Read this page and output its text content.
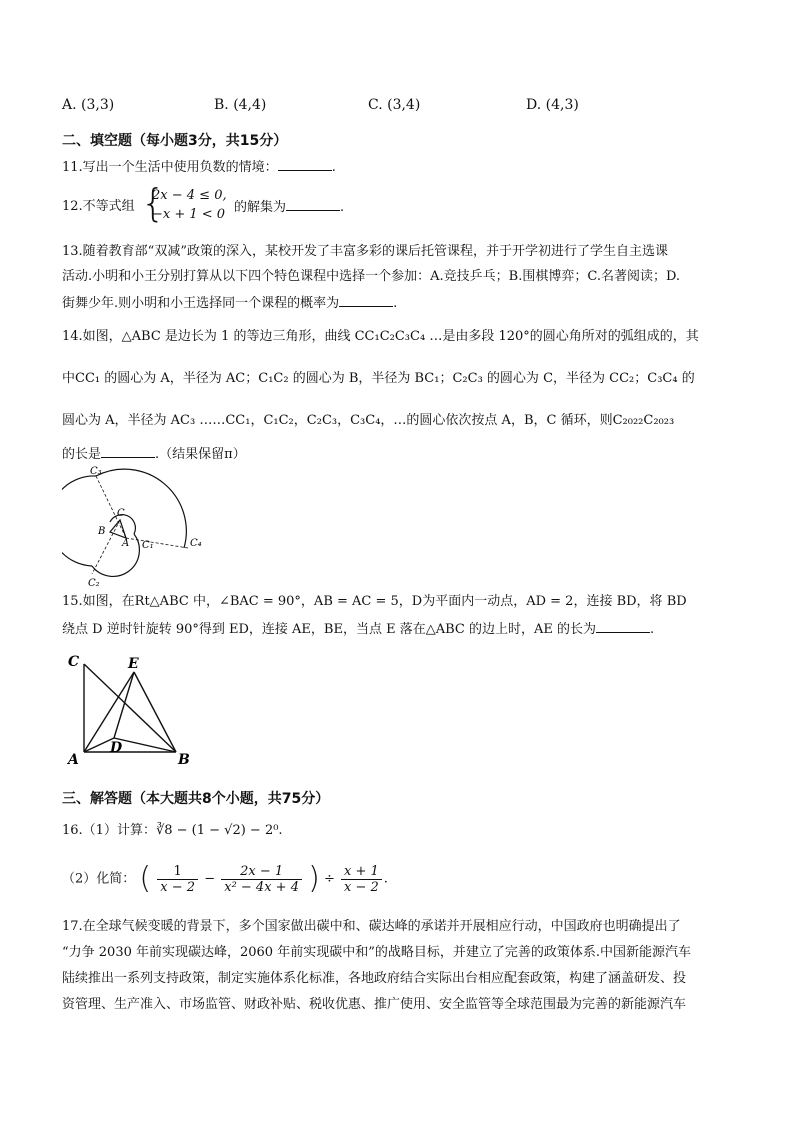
A. (3,3)	B. (4,4)	C. (3,4)	D. (4,3)
二、填空题（每小题3分，共15分）
11.写出一个生活中使用负数的情境：	.
12.不等式组 {
2x − 4 ≤ 0,
−x + 1 < 0 的解集为	.
13.随着教育部“双减”政策的深入，某校开发了丰富多彩的课后托管课程，并于开学初进行了学生自主选课
活动.小明和小王分别打算从以下四个特色课程中选择一个参加：A.竞技乒乓；B.围棋博弈；C.名著阅读；D.
街舞少年.则小明和小王选择同一个课程的概率为	.
14.如图，△ABC 是边长为 1 的等边三角形，曲线 CC₁C₂C₃C₄ …是由多段 120°的圆心角所对的弧组成的，其
中CC₁ 的圆心为 A，半径为 AC；C₁C₂ 的圆心为 B，半径为 BC₁；C₂C₃ 的圆心为 C，半径为 CC₂；C₃C₄ 的
圆心为 A，半径为 AC₃ ……CC₁，C₁C₂，C₂C₃，C₃C₄，…的圆心依次按点 A，B，C 循环，则C₂₀₂₂C₂₀₂₃
的长是	.（结果保留π）
C₃
C
B
A C₁	C₄
C₂
15.如图，在Rt△ABC 中，∠BAC = 90°，AB = AC = 5，D为平面内一动点，AD = 2，连接 BD，将 BD
绕点 D 逆时针旋转 90°得到 ED，连接 AE，BE，当点 E 落在△ABC 的边上时，AE 的长为	.
C	E
D
A	B
三、解答题（本大题共8个小题，共75分）
16.（1）计算：∛8 − (1 − √2) − 2⁰.
（2）化简： ( $\frac{1}{x - 2} - \frac{2x - 1}{\text{x² − 4x + 4}}$ ) ÷ $\frac{x + 1}{x - 2}$ .
17.在全球气候变暖的背景下，多个国家做出碳中和、碳达峰的承诺并开展相应行动，中国政府也明确提出了
“力争 2030 年前实现碳达峰，2060 年前实现碳中和”的战略目标，并建立了完善的政策体系.中国新能源汽车
陆续推出一系列支持政策，制定实施体系化标准，各地政府结合实际出台相应配套政策，构建了涵盖研发、投
资管理、生产准入、市场监管、财政补贴、税收优惠、推广使用、安全监管等全球范围最为完善的新能源汽车
